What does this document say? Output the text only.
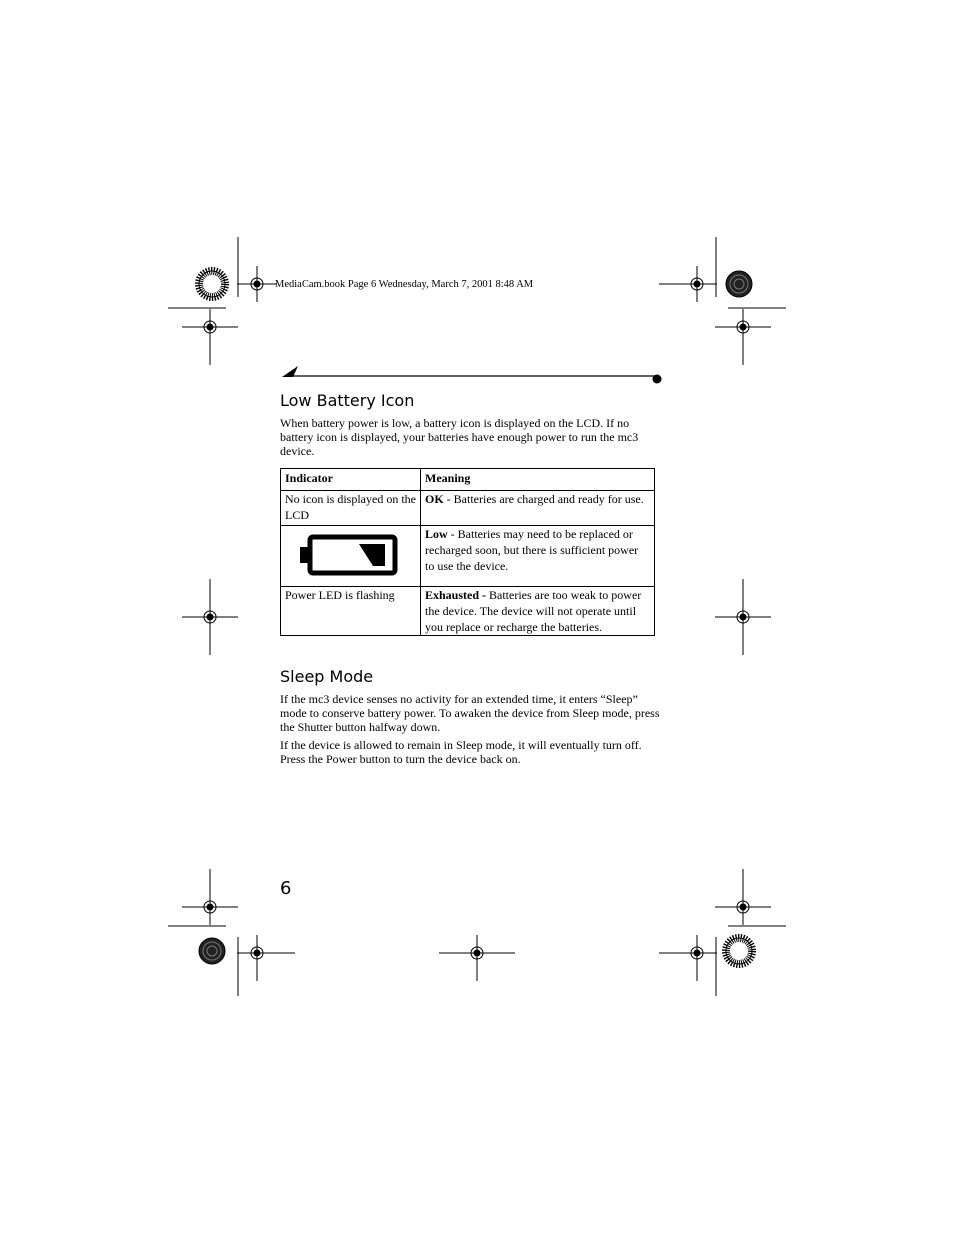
MediaCam.book Page 6 Wednesday, March 7, 2001 8:48 AM
Low Battery Icon

When battery power is low, a battery icon is displayed on the LCD. If no battery icon is displayed, your batteries have enough power to run the mc3 device.

Indicator	Meaning
No icon is displayed on the LCD	OK - Batteries are charged and ready for use.
	Low - Batteries may need to be replaced or recharged soon, but there is sufficient power to use the device.
Power LED is flashing	Exhausted - Batteries are too weak to power the device. The device will not operate until you replace or recharge the batteries.
Sleep Mode

If the mc3 device senses no activity for an extended time, it enters “Sleep” mode to conserve battery power. To awaken the device from Sleep mode, press the Shutter button halfway down.

If the device is allowed to remain in Sleep mode, it will eventually turn off. Press the Power button to turn the device back on.

6
